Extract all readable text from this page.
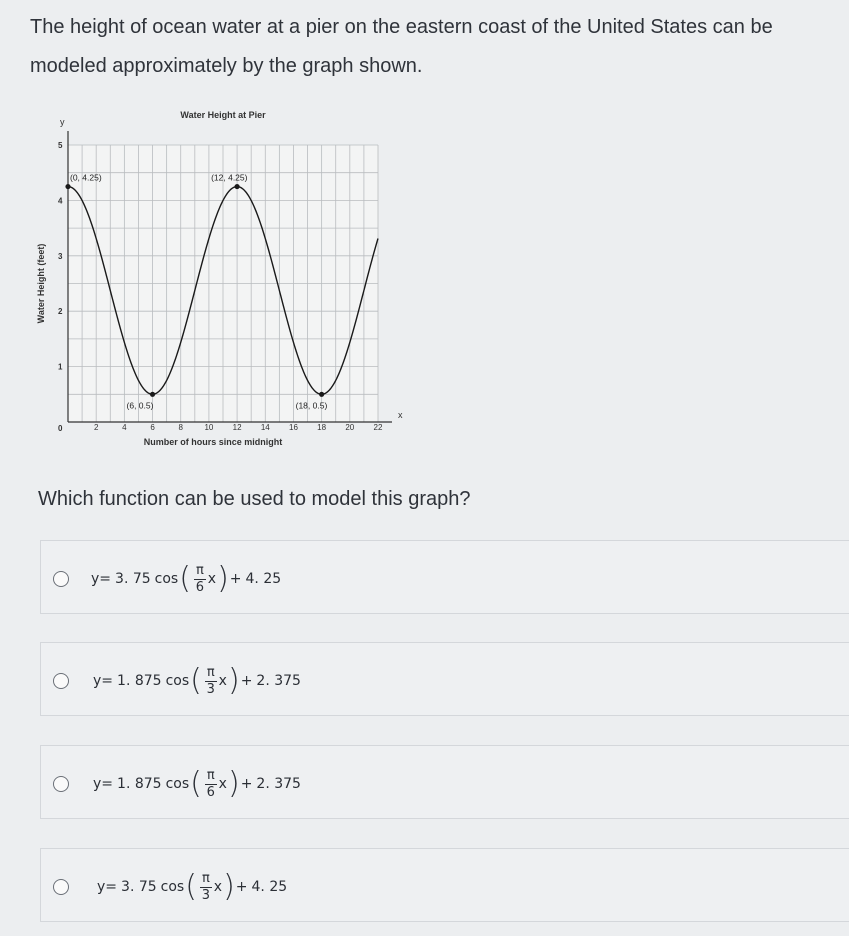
The height of ocean water at a pier on the eastern coast of the United States can be modeled approximately by the graph shown.
x
y
0	2	4	6	8	10 12 14 16 18 20 22
1
2
3
4
5
Water Height at Pier
Number of hours since midnight
Water Height (feet)
(0, 4.25)	(12, 4.25)
(6, 0.5)	(18, 0.5)
Which function can be used to model this graph?
y = 3. 75 cos ( $\frac{\pi}{6}$ x ) + 4. 25
y = 1. 875 cos ( $\frac{\pi}{3}$ x ) + 2. 375
y = 1. 875 cos ( $\frac{\pi}{6}$ x ) + 2. 375
y = 3. 75 cos ( $\frac{\pi}{3}$ x ) + 4. 25
